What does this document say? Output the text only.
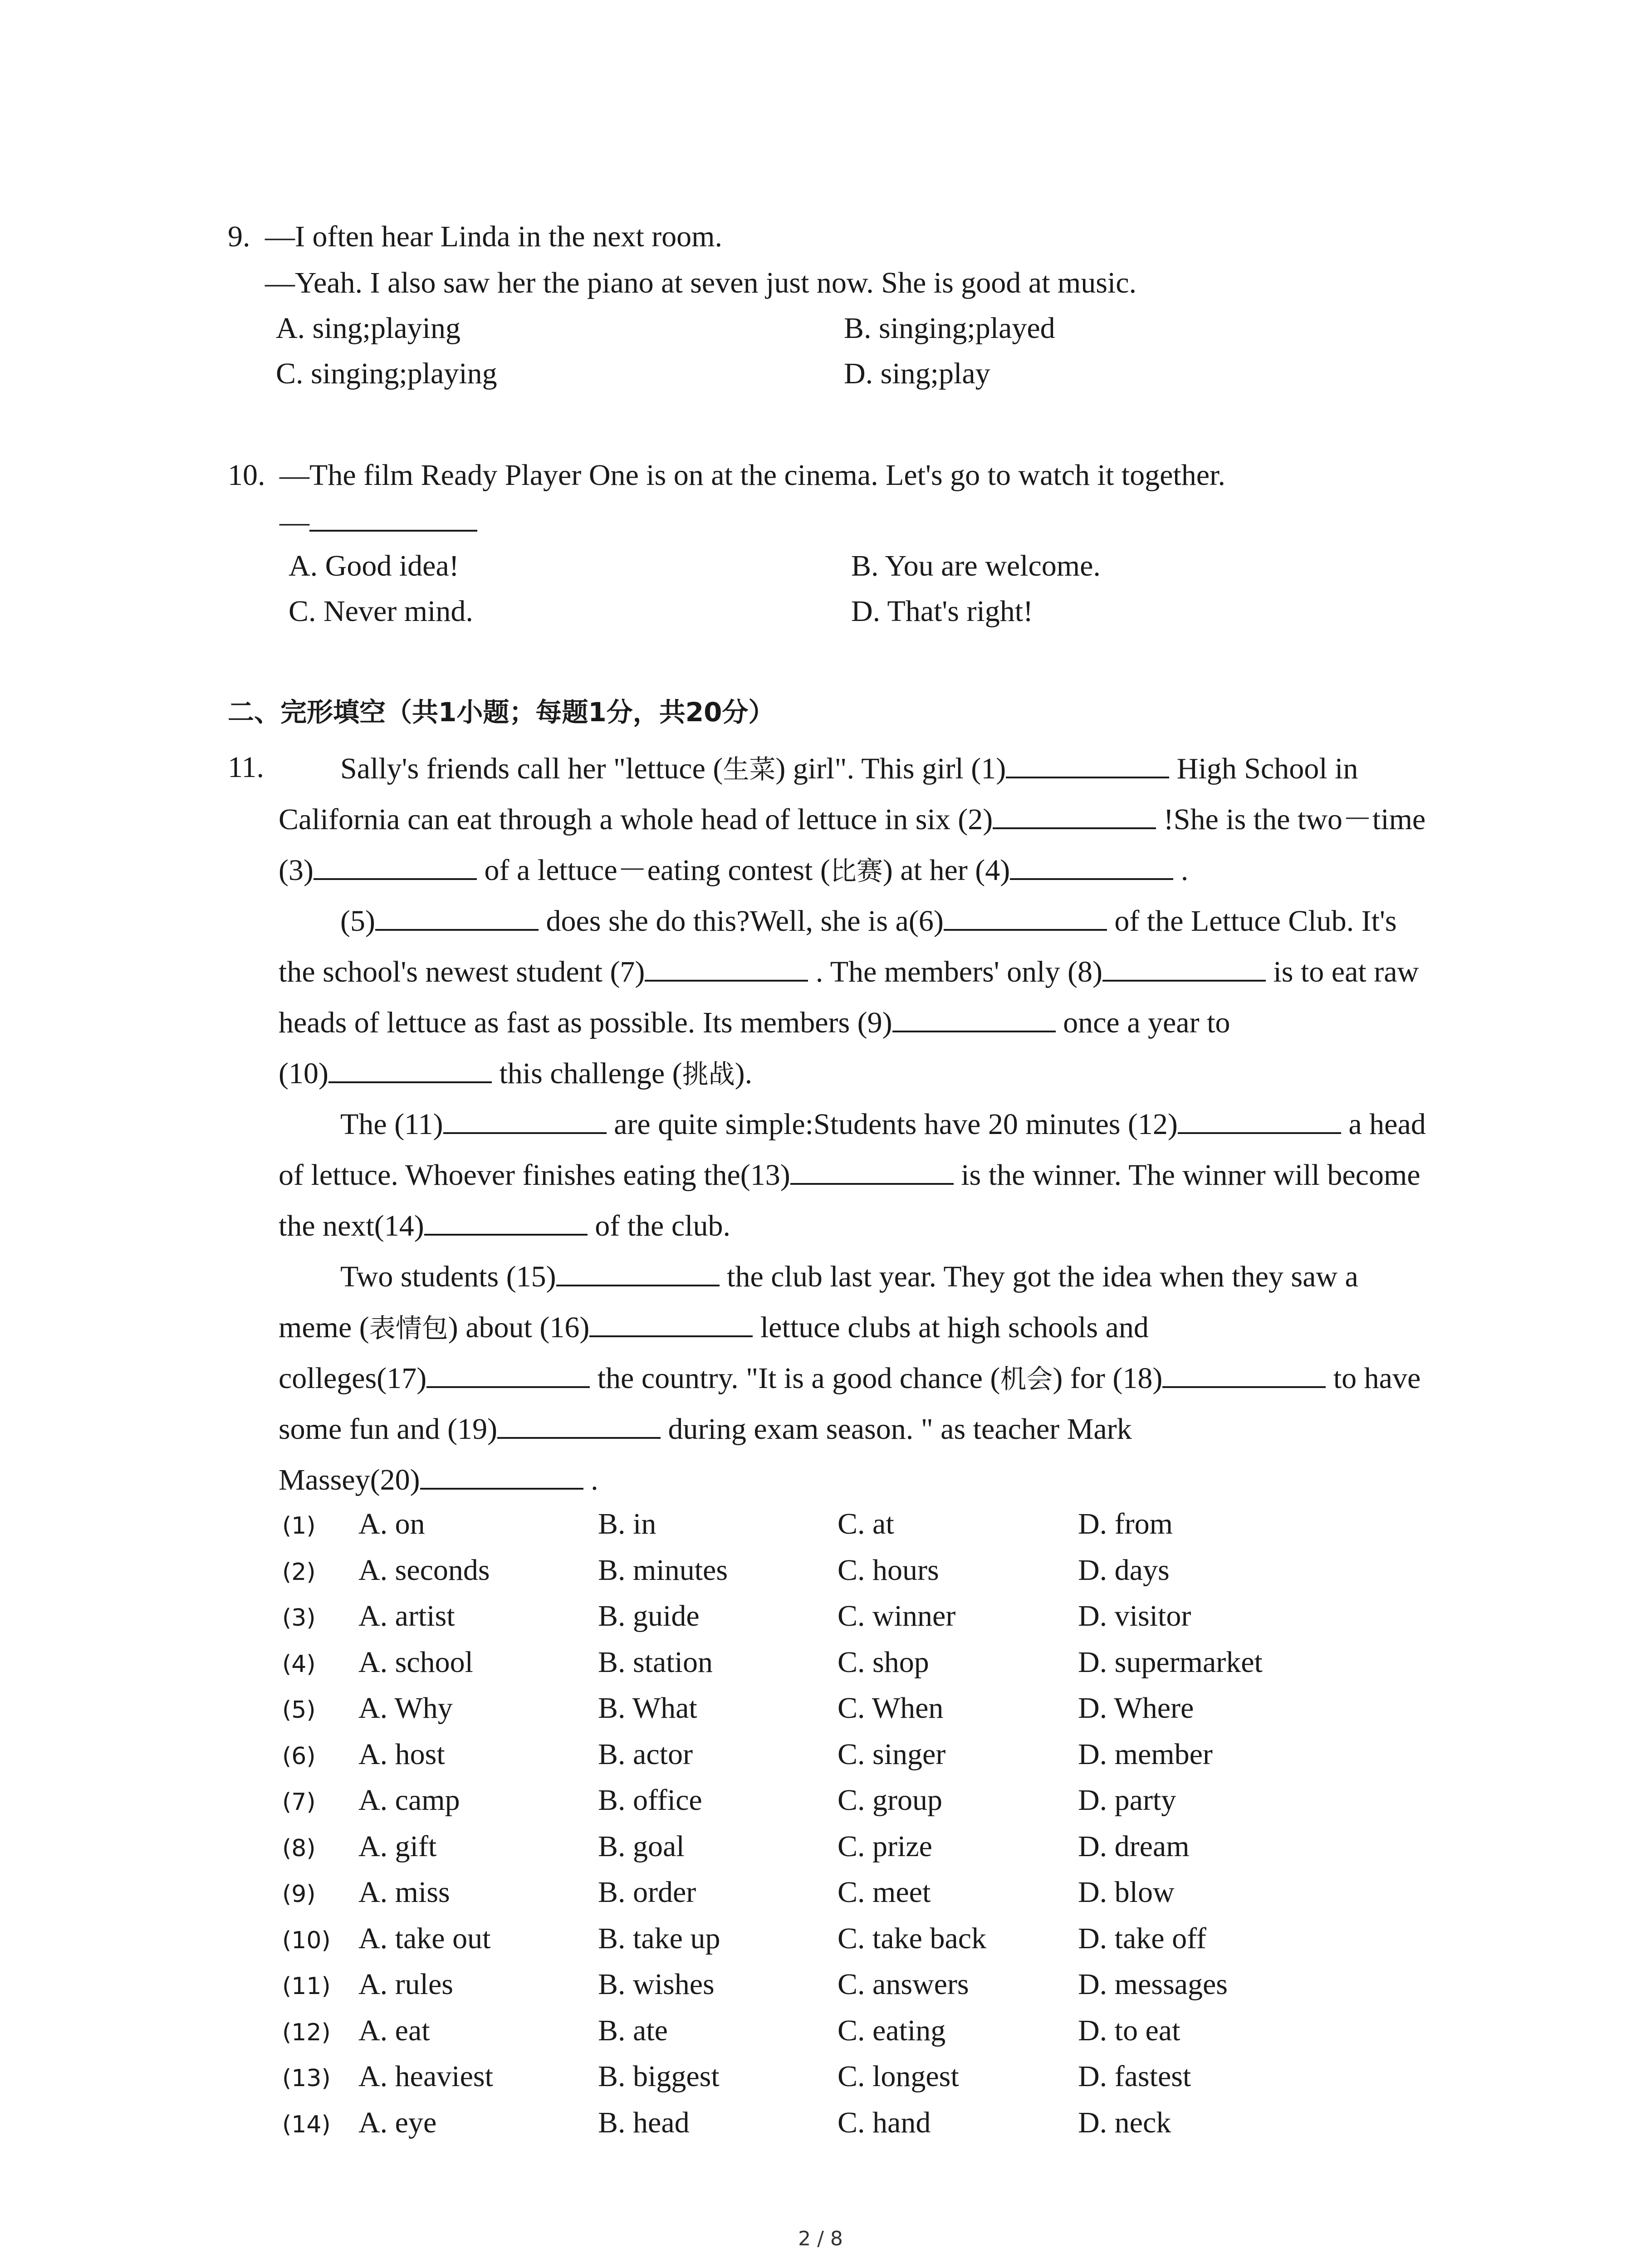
9. —I often hear Linda in the next room.
—Yeah. I also saw her the piano at seven just now. She is good at music.
A. sing;playing	B. singing;played
C. singing;playing	D. sing;play
10. —The film Ready Player One is on at the cinema. Let's go to watch it together.
—
A. Good idea!	B. You are welcome.
C. Never mind.	D. That's right!
二、完形填空（共1小题；每题1分，共20分）
11.	Sally's friends call her "lettuce (生菜) girl". This girl (1)	High School in
California can eat through a whole head of lettuce in six (2)	!She is the two－time
(3)	of a lettuce－eating contest (比赛) at her (4)	.
(5)	does she do this?Well, she is a(6)	of the Lettuce Club. It's
the school's newest student (7)	. The members' only (8)	is to eat raw
heads of lettuce as fast as possible. Its members (9)	once a year to
(10)	this challenge (挑战).
The (11)	are quite simple:Students have 20 minutes (12)	a head
of lettuce. Whoever finishes eating the(13)	is the winner. The winner will become
the next(14)	of the club.
Two students (15)	the club last year. They got the idea when they saw a
meme (表情包) about (16)	lettuce clubs at high schools and
colleges(17)	the country. "It is a good chance (机会) for (18)	to have
some fun and (19)	during exam season. " as teacher Mark
Massey(20)	.
(1) A. on	B. in	C. at	D. from
(2) A. seconds	B. minutes	C. hours	D. days
(3) A. artist	B. guide	C. winner	D. visitor
(4) A. school	B. station	C. shop	D. supermarket
(5) A. Why	B. What	C. When	D. Where
(6) A. host	B. actor	C. singer	D. member
(7) A. camp	B. office	C. group	D. party
(8) A. gift	B. goal	C. prize	D. dream
(9) A. miss	B. order	C. meet	D. blow
(10) A. take out	B. take up	C. take back	D. take off
(11) A. rules	B. wishes	C. answers	D. messages
(12) A. eat	B. ate	C. eating	D. to eat
(13) A. heaviest	B. biggest	C. longest	D. fastest
(14) A. eye	B. head	C. hand	D. neck
2 / 8
